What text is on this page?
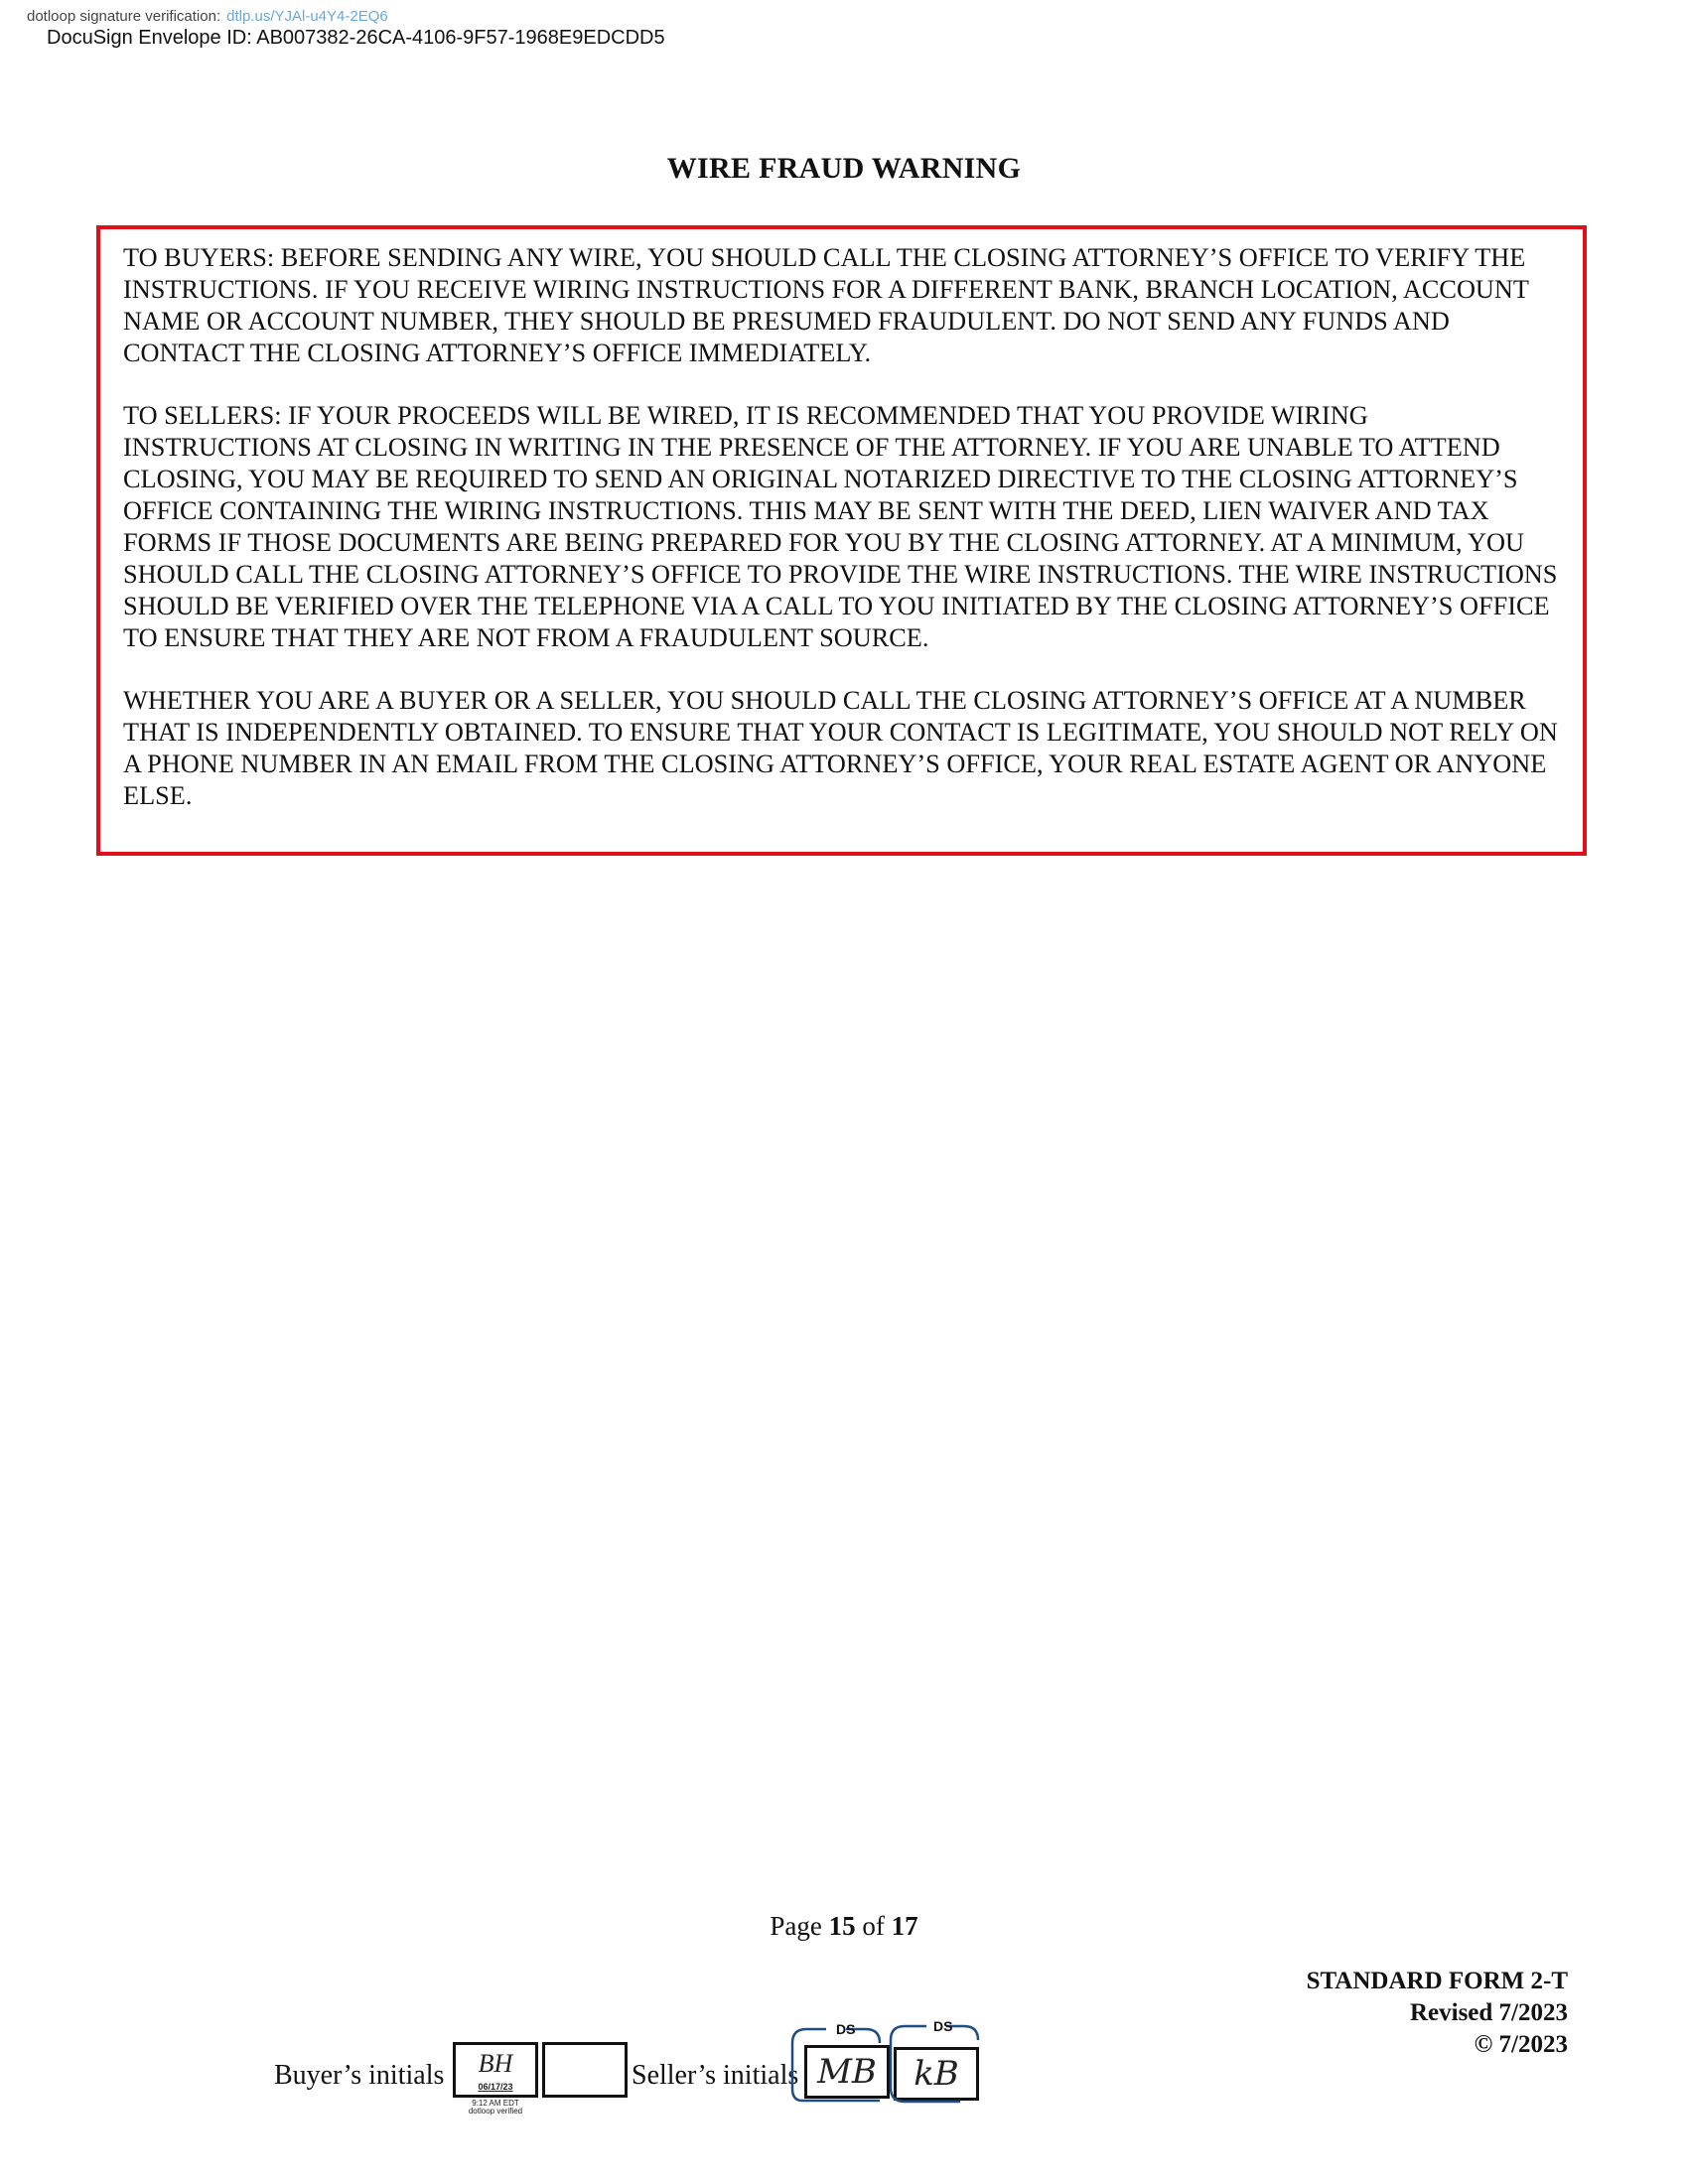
dotloop signature verification: dtlp.us/YJAl-u4Y4-2EQ6
DocuSign Envelope ID: AB007382-26CA-4106-9F57-1968E9EDCDD5
WIRE FRAUD WARNING

TO BUYERS: BEFORE SENDING ANY WIRE, YOU SHOULD CALL THE CLOSING ATTORNEY’S OFFICE TO VERIFY THE INSTRUCTIONS. IF YOU RECEIVE WIRING INSTRUCTIONS FOR A DIFFERENT BANK, BRANCH LOCATION, ACCOUNT NAME OR ACCOUNT NUMBER, THEY SHOULD BE PRESUMED FRAUDULENT. DO NOT SEND ANY FUNDS AND CONTACT THE CLOSING ATTORNEY’S OFFICE IMMEDIATELY.

TO SELLERS: IF YOUR PROCEEDS WILL BE WIRED, IT IS RECOMMENDED THAT YOU PROVIDE WIRING INSTRUCTIONS AT CLOSING IN WRITING IN THE PRESENCE OF THE ATTORNEY. IF YOU ARE UNABLE TO ATTEND CLOSING, YOU MAY BE REQUIRED TO SEND AN ORIGINAL NOTARIZED DIRECTIVE TO THE CLOSING ATTORNEY’S OFFICE CONTAINING THE WIRING INSTRUCTIONS. THIS MAY BE SENT WITH THE DEED, LIEN WAIVER AND TAX FORMS IF THOSE DOCUMENTS ARE BEING PREPARED FOR YOU BY THE CLOSING ATTORNEY. AT A MINIMUM, YOU SHOULD CALL THE CLOSING ATTORNEY’S OFFICE TO PROVIDE THE WIRE INSTRUCTIONS. THE WIRE INSTRUCTIONS SHOULD BE VERIFIED OVER THE TELEPHONE VIA A CALL TO YOU INITIATED BY THE CLOSING ATTORNEY’S OFFICE TO ENSURE THAT THEY ARE NOT FROM A FRAUDULENT SOURCE.

WHETHER YOU ARE A BUYER OR A SELLER, YOU SHOULD CALL THE CLOSING ATTORNEY’S OFFICE AT A NUMBER THAT IS INDEPENDENTLY OBTAINED. TO ENSURE THAT YOUR CONTACT IS LEGITIMATE, YOU SHOULD NOT RELY ON A PHONE NUMBER IN AN EMAIL FROM THE CLOSING ATTORNEY’S OFFICE, YOUR REAL ESTATE AGENT OR ANYONE ELSE.

Page 15 of 17
STANDARD FORM 2-T
Revised 7/2023
© 7/2023
Buyer’s initials	BH
06/17/23
9:12 AM EDT
dotloop verified
Seller’s initials MB
DS
kB
DS
